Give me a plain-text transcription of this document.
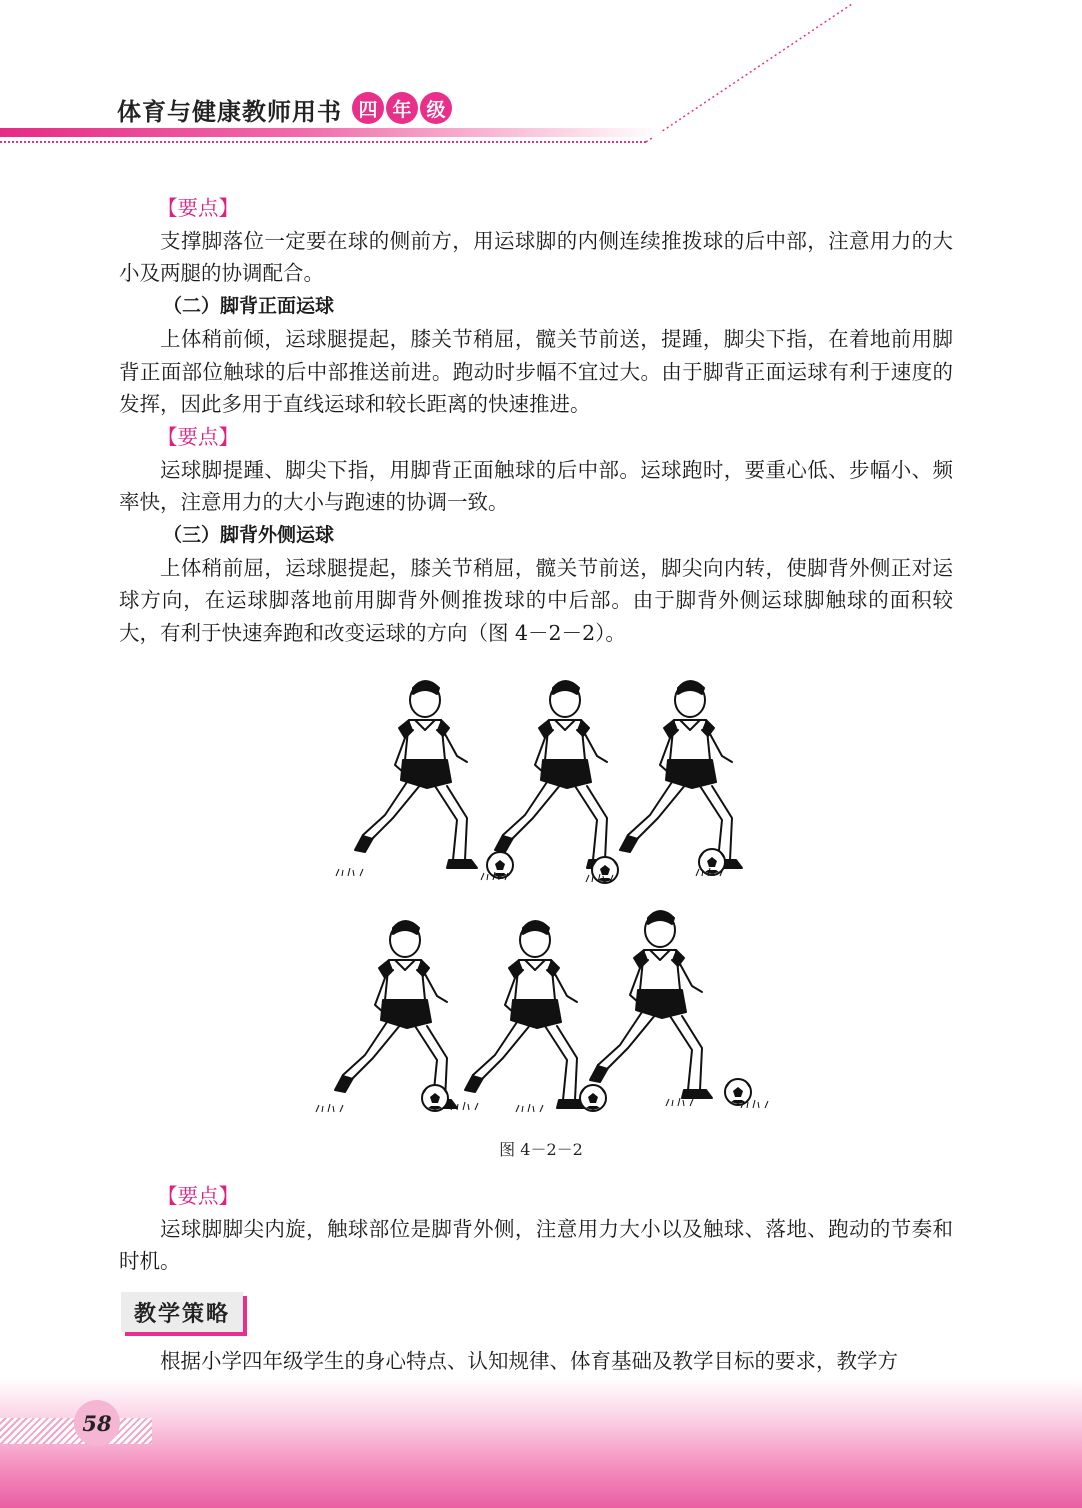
体育与健康教师用书 四 年 级

【要点】

支撑脚落位一定要在球的侧前方，用运球脚的内侧连续推拨球的后中部，注意用力的大小及两腿的协调配合。

（二）脚背正面运球

上体稍前倾，运球腿提起，膝关节稍屈，髋关节前送，提踵，脚尖下指，在着地前用脚背正面部位触球的后中部推送前进。跑动时步幅不宜过大。由于脚背正面运球有利于速度的发挥，因此多用于直线运球和较长距离的快速推进。

【要点】

运球脚提踵、脚尖下指，用脚背正面触球的后中部。运球跑时，要重心低、步幅小、频率快，注意用力的大小与跑速的协调一致。

（三）脚背外侧运球

上体稍前屈，运球腿提起，膝关节稍屈，髋关节前送，脚尖向内转，使脚背外侧正对运球方向，在运球脚落地前用脚背外侧推拨球的中后部。由于脚背外侧运球脚触球的面积较大，有利于快速奔跑和改变运球的方向（图 4－2－2）。

图 4－2－2

【要点】

运球脚脚尖内旋，触球部位是脚背外侧，注意用力大小以及触球、落地、跑动的节奏和时机。

教学策略
根据小学四年级学生的身心特点、认知规律、体育基础及教学目标的要求，教学方
58
